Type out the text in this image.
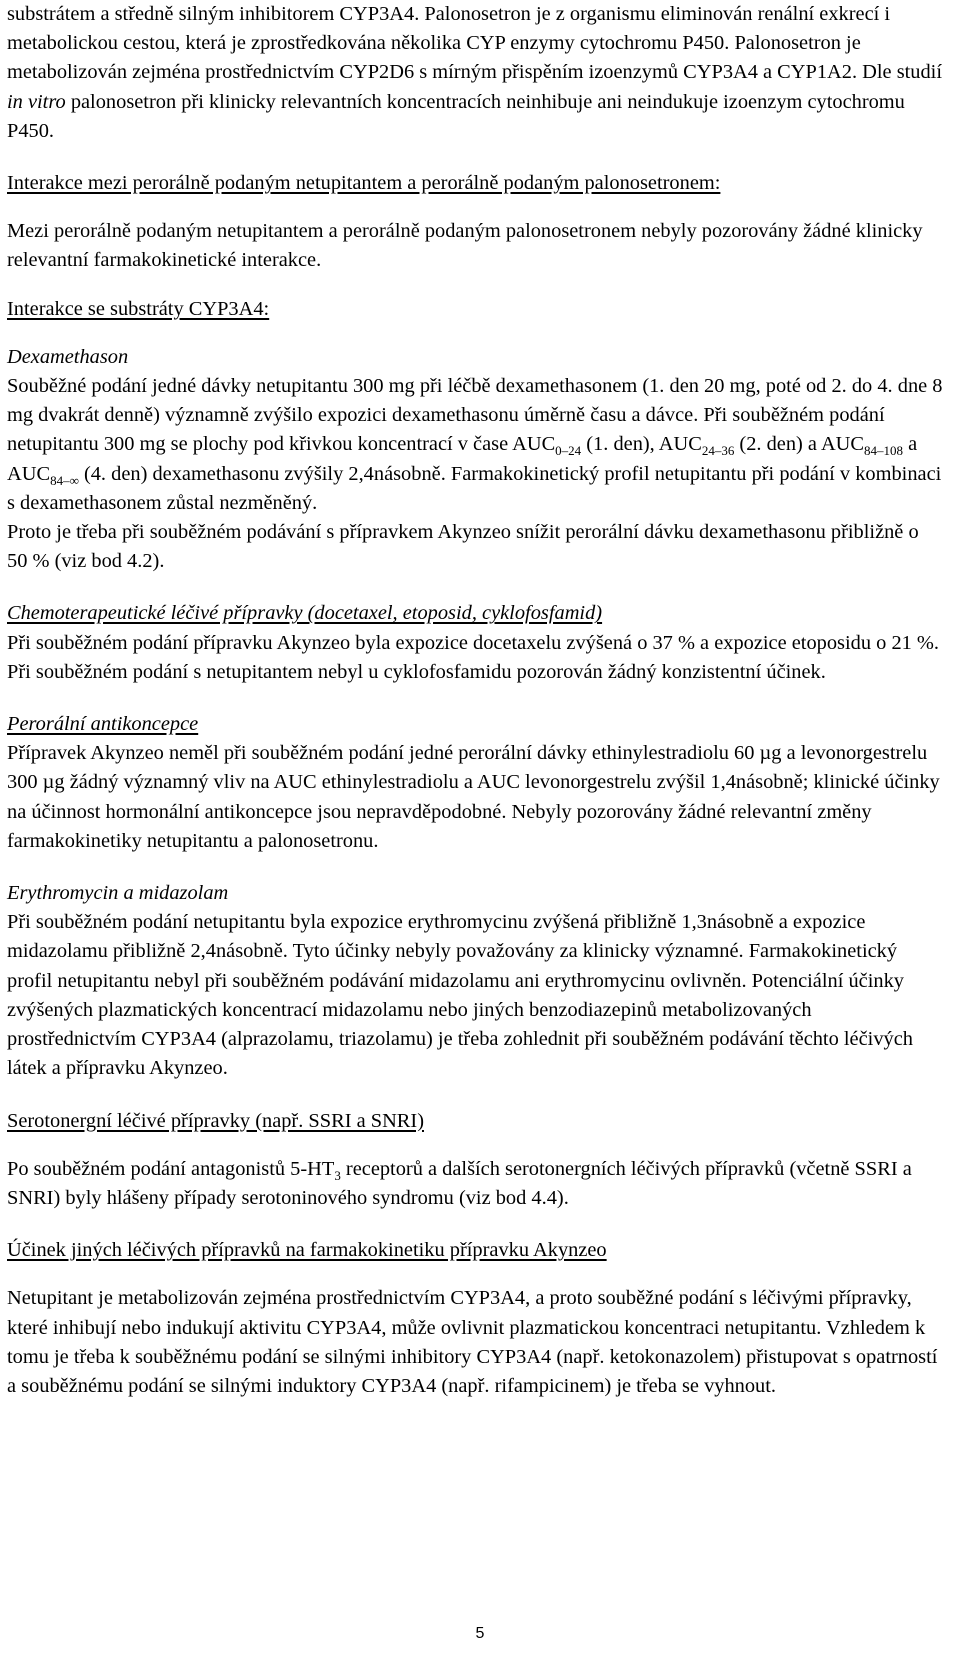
substrátem a středně silným inhibitorem CYP3A4. Palonosetron je z organismu eliminován renální exkrecí i metabolickou cestou, která je zprostředkována několika CYP enzymy cytochromu P450. Palonosetron je metabolizován zejména prostřednictvím CYP2D6 s mírným přispěním izoenzymů CYP3A4 a CYP1A2. Dle studií in vitro palonosetron při klinicky relevantních koncentracích neinhibuje ani neindukuje izoenzym cytochromu P450.

Interakce mezi perorálně podaným netupitantem a perorálně podaným palonosetronem:

Mezi perorálně podaným netupitantem a perorálně podaným palonosetronem nebyly pozorovány žádné klinicky relevantní farmakokinetické interakce.

Interakce se substráty CYP3A4:

Dexamethason

Souběžné podání jedné dávky netupitantu 300 mg při léčbě dexamethasonem (1. den 20 mg, poté od 2. do 4. dne 8 mg dvakrát denně) významně zvýšilo expozici dexamethasonu úměrně času a dávce. Při souběžném podání netupitantu 300 mg se plochy pod křivkou koncentrací v čase $AUC_{0-24}$ (1. den), $AUC_{24-36}$ (2. den) a $AUC_{84-108}$ a $AUC_{84-\infty}$ (4. den) dexamethasonu zvýšily 2,4násobně. Farmakokinetický profil netupitantu při podání v kombinaci s dexamethasonem zůstal nezměněný.

Proto je třeba při souběžném podávání s přípravkem Akynzeo snížit perorální dávku dexamethasonu přibližně o 50 % (viz bod 4.2).

Chemoterapeutické léčivé přípravky (docetaxel, etoposid, cyklofosfamid)

Při souběžném podání přípravku Akynzeo byla expozice docetaxelu zvýšená o 37 % a expozice etoposidu o 21 %. Při souběžném podání s netupitantem nebyl u cyklofosfamidu pozorován žádný konzistentní účinek.

Perorální antikoncepce

Přípravek Akynzeo neměl při souběžném podání jedné perorální dávky ethinylestradiolu 60 µg a levonorgestrelu 300 µg žádný významný vliv na AUC ethinylestradiolu a AUC levonorgestrelu zvýšil 1,4násobně; klinické účinky na účinnost hormonální antikoncepce jsou nepravděpodobné. Nebyly pozorovány žádné relevantní změny farmakokinetiky netupitantu a palonosetronu.

Erythromycin a midazolam

Při souběžném podání netupitantu byla expozice erythromycinu zvýšená přibližně 1,3násobně a expozice midazolamu přibližně 2,4násobně. Tyto účinky nebyly považovány za klinicky významné. Farmakokinetický profil netupitantu nebyl při souběžném podávání midazolamu ani erythromycinu ovlivněn. Potenciální účinky zvýšených plazmatických koncentrací midazolamu nebo jiných benzodiazepinů metabolizovaných prostřednictvím CYP3A4 (alprazolamu, triazolamu) je třeba zohlednit při souběžném podávání těchto léčivých látek a přípravku Akynzeo.

Serotonergní léčivé přípravky (např. SSRI a SNRI)

Po souběžném podání antagonistů $5-HT_3$ receptorů a dalších serotonergních léčivých přípravků (včetně SSRI a SNRI) byly hlášeny případy serotoninového syndromu (viz bod 4.4).

Účinek jiných léčivých přípravků na farmakokinetiku přípravku Akynzeo

Netupitant je metabolizován zejména prostřednictvím CYP3A4, a proto souběžné podání s léčivými přípravky, které inhibují nebo indukují aktivitu CYP3A4, může ovlivnit plazmatickou koncentraci netupitantu. Vzhledem k tomu je třeba k souběžnému podání se silnými inhibitory CYP3A4 (např. ketokonazolem) přistupovat s opatrností a souběžnému podání se silnými induktory CYP3A4 (např. rifampicinem) je třeba se vyhnout.

5
